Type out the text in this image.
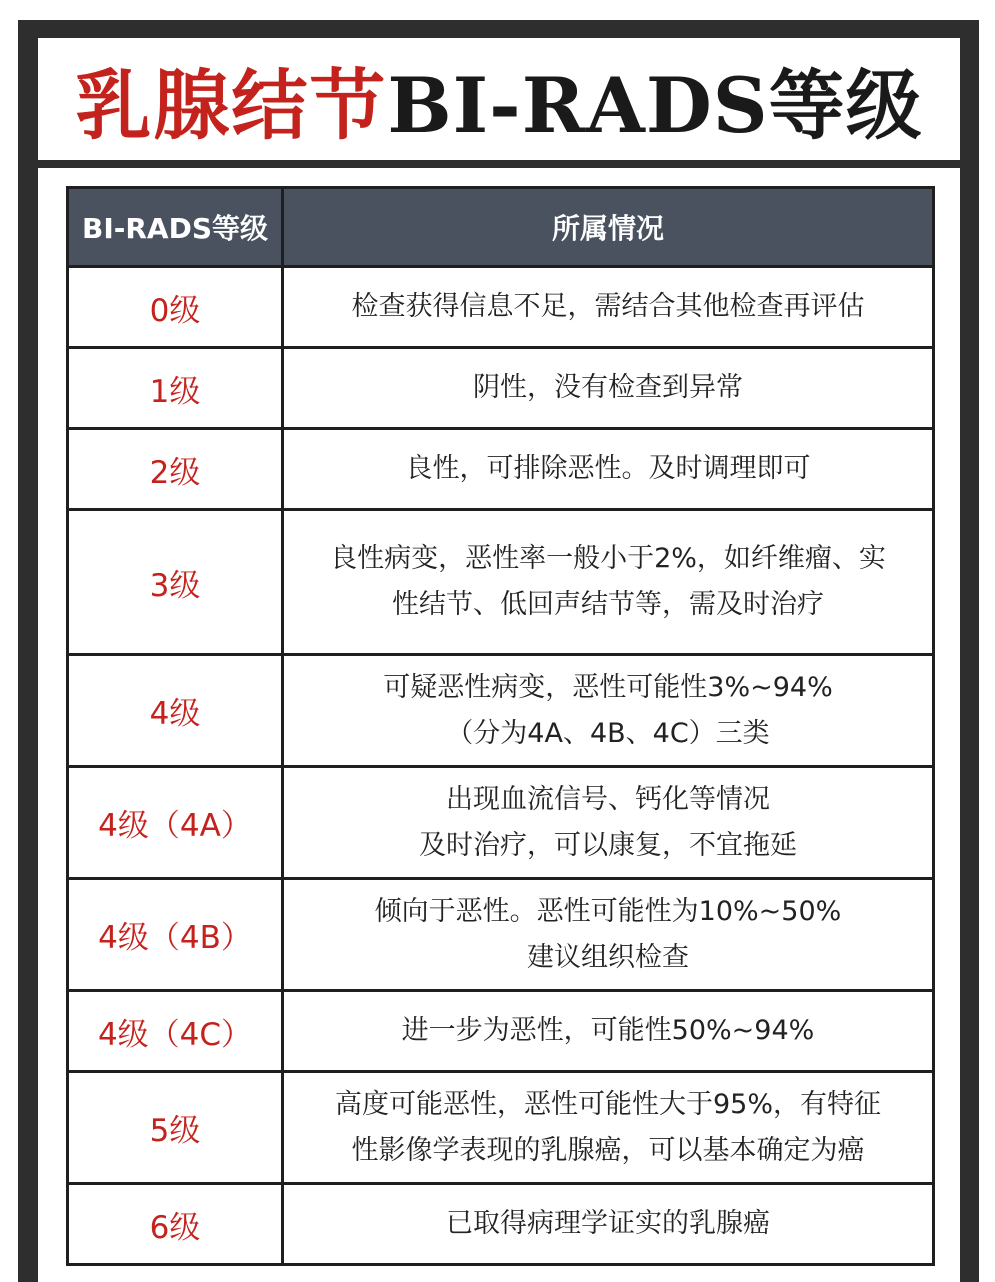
乳腺结节 BI-RADS等级
BI-RADS等级	所属情况
0级	检查获得信息不足，需结合其他检查再评估

1级	阴性，没有检查到异常

2级	良性，可排除恶性。及时调理即可

3级	良性病变，恶性率一般小于2%，如纤维瘤、实
性结节、低回声结节等，需及时治疗

4级	可疑恶性病变，恶性可能性3%~94%
（分为4A、4B、4C）三类

4级（4A）	出现血流信号、钙化等情况
及时治疗，可以康复，不宜拖延

4级（4B）	倾向于恶性。恶性可能性为10%~50%
建议组织检查

4级（4C）	进一步为恶性，可能性50%~94%

5级	高度可能恶性，恶性可能性大于95%，有特征
性影像学表现的乳腺癌，可以基本确定为癌

6级	已取得病理学证实的乳腺癌
